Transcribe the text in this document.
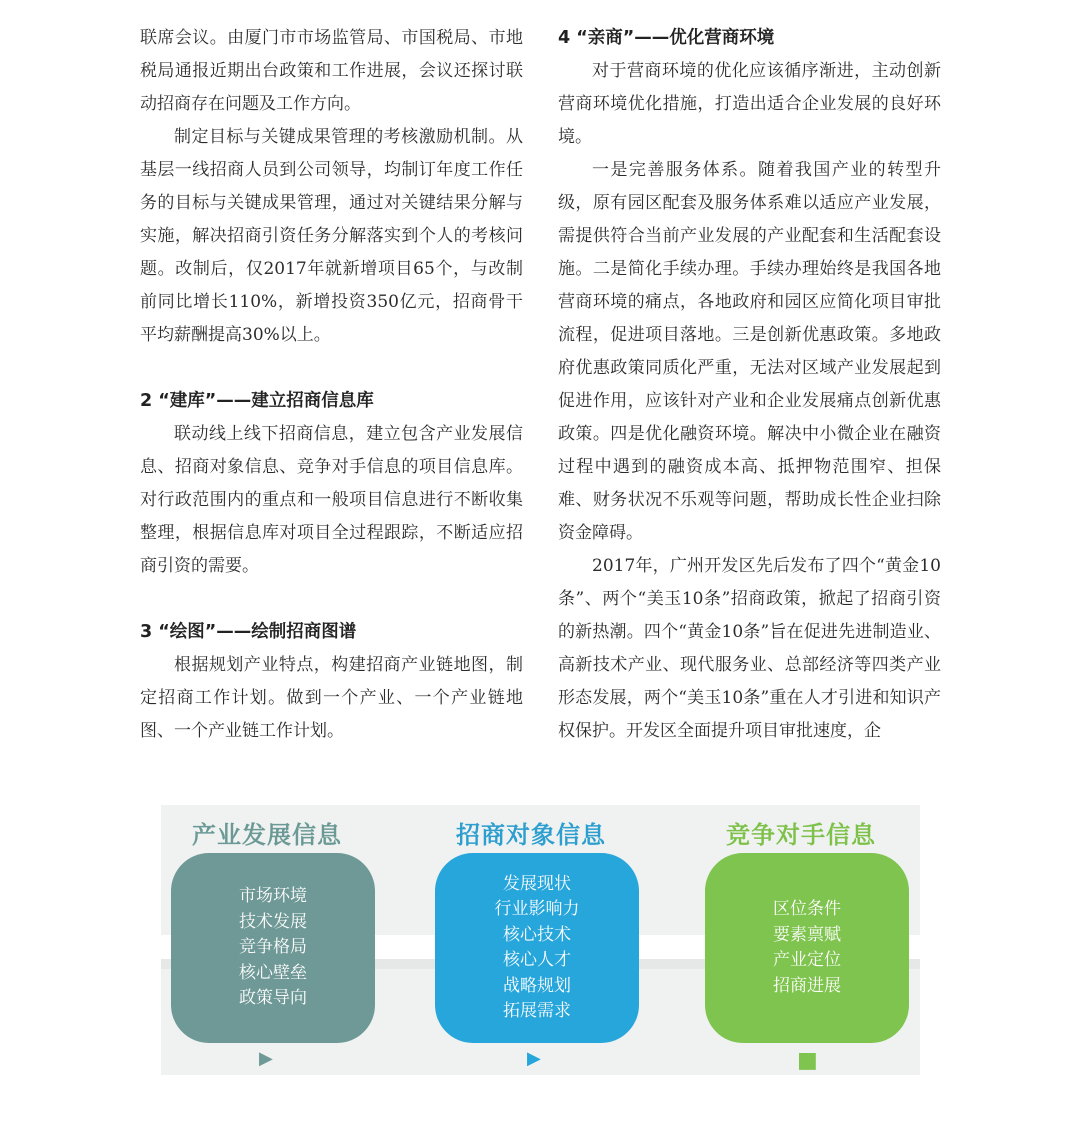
联席会议。由厦门市市场监管局、市国税局、市地税局通报近期出台政策和工作进展，会议还探讨联动招商存在问题及工作方向。

制定目标与关键成果管理的考核激励机制。从基层一线招商人员到公司领导，均制订年度工作任务的目标与关键成果管理，通过对关键结果分解与实施，解决招商引资任务分解落实到个人的考核问题。改制后，仅2017年就新增项目65个，与改制前同比增长110%，新增投资350亿元，招商骨干平均薪酬提高30%以上。

2 “建库”——建立招商信息库

联动线上线下招商信息，建立包含产业发展信息、招商对象信息、竞争对手信息的项目信息库。对行政范围内的重点和一般项目信息进行不断收集整理，根据信息库对项目全过程跟踪，不断适应招商引资的需要。

3 “绘图”——绘制招商图谱

根据规划产业特点，构建招商产业链地图，制定招商工作计划。做到一个产业、一个产业链地图、一个产业链工作计划。

4 “亲商”——优化营商环境

对于营商环境的优化应该循序渐进，主动创新营商环境优化措施，打造出适合企业发展的良好环境。

一是完善服务体系。随着我国产业的转型升级，原有园区配套及服务体系难以适应产业发展，需提供符合当前产业发展的产业配套和生活配套设施。二是简化手续办理。手续办理始终是我国各地营商环境的痛点，各地政府和园区应简化项目审批流程，促进项目落地。三是创新优惠政策。多地政府优惠政策同质化严重，无法对区域产业发展起到促进作用，应该针对产业和企业发展痛点创新优惠政策。四是优化融资环境。解决中小微企业在融资过程中遇到的融资成本高、抵押物范围窄、担保难、财务状况不乐观等问题，帮助成长性企业扫除资金障碍。

2017年，广州开发区先后发布了四个“黄金10条”、两个“美玉10条”招商政策，掀起了招商引资的新热潮。四个“黄金10条”旨在促进先进制造业、高新技术产业、现代服务业、总部经济等四类产业形态发展，两个“美玉10条”重在人才引进和知识产权保护。开发区全面提升项目审批速度，企

产业发展信息
市场环境
技术发展
竞争格局
核心壁垒
政策导向
▶
招商对象信息
发展现状
行业影响力
核心技术
核心人才
战略规划
拓展需求
▶
竞争对手信息
区位条件
要素禀赋
产业定位
招商进展
■
